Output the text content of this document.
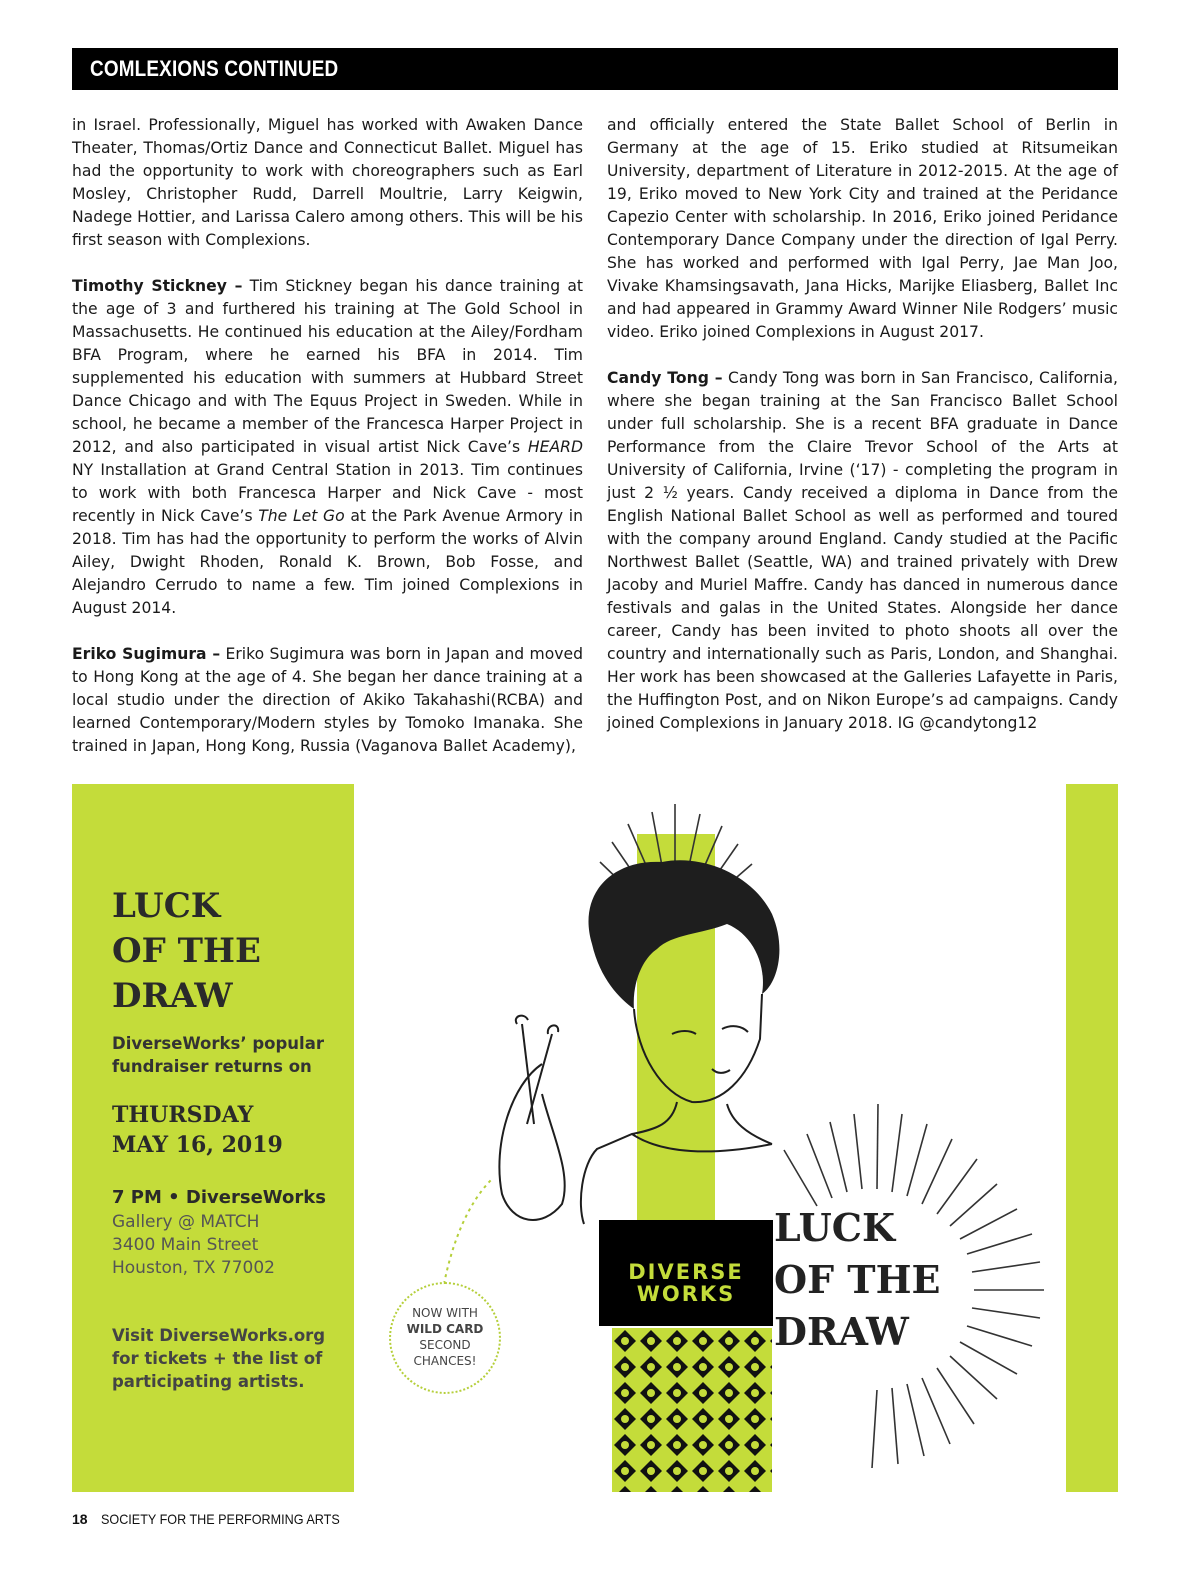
COMLEXIONS CONTINUED

in Israel. Professionally, Miguel has worked with Awaken Dance Theater, Thomas/Ortiz Dance and Connecticut Ballet. Miguel has had the opportunity to work with choreographers such as Earl Mosley, Christopher Rudd, Darrell Moultrie, Larry Keigwin, Nadege Hottier, and Larissa Calero among others. This will be his first season with Complexions.

Timothy Stickney – Tim Stickney began his dance training at the age of 3 and furthered his training at The Gold School in Massachusetts. He continued his education at the Ailey/Fordham BFA Program, where he earned his BFA in 2014. Tim supplemented his education with summers at Hubbard Street Dance Chicago and with The Equus Project in Sweden. While in school, he became a member of the Francesca Harper Project in 2012, and also participated in visual artist Nick Cave’s HEARD NY Installation at Grand Central Station in 2013. Tim continues to work with both Francesca Harper and Nick Cave - most recently in Nick Cave’s The Let Go at the Park Avenue Armory in 2018. Tim has had the opportunity to perform the works of Alvin Ailey, Dwight Rhoden, Ronald K. Brown, Bob Fosse, and Alejandro Cerrudo to name a few. Tim joined Complexions in August 2014.

Eriko Sugimura – Eriko Sugimura was born in Japan and moved to Hong Kong at the age of 4. She began her dance training at a local studio under the direction of Akiko Takahashi(RCBA) and learned Contemporary/Modern styles by Tomoko Imanaka. She trained in Japan, Hong Kong, Russia (Vaganova Ballet Academy),

and officially entered the State Ballet School of Berlin in Germany at the age of 15. Eriko studied at Ritsumeikan University, department of Literature in 2012-2015. At the age of 19, Eriko moved to New York City and trained at the Peridance Capezio Center with scholarship. In 2016, Eriko joined Peridance Contemporary Dance Company under the direction of Igal Perry. She has worked and performed with Igal Perry, Jae Man Joo, Vivake Khamsingsavath, Jana Hicks, Marijke Eliasberg, Ballet Inc and had appeared in Grammy Award Winner Nile Rodgers’ music video. Eriko joined Complexions in August 2017.

Candy Tong – Candy Tong was born in San Francisco, California, where she began training at the San Francisco Ballet School under full scholarship. She is a recent BFA graduate in Dance Performance from the Claire Trevor School of the Arts at University of California, Irvine (‘17) - completing the program in just 2 ½ years. Candy received a diploma in Dance from the English National Ballet School as well as performed and toured with the company around England. Candy studied at the Pacific Northwest Ballet (Seattle, WA) and trained privately with Drew Jacoby and Muriel Maffre. Candy has danced in numerous dance festivals and galas in the United States. Alongside her dance career, Candy has been invited to photo shoots all over the country and internationally such as Paris, London, and Shanghai. Her work has been showcased at the Galleries Lafayette in Paris, the Huffington Post, and on Nikon Europe’s ad campaigns. Candy joined Complexions in January 2018. IG @candytong12

LUCK
OF THE
DRAW
DiverseWorks’ popular
fundraiser returns on
THURSDAY
MAY 16, 2019
7 PM • DiverseWorks
Gallery @ MATCH
3400 Main Street
Houston, TX 77002
Visit DiverseWorks.org
for tickets + the list of
participating artists.
NOW WITH
WILD CARD
SECOND
CHANCES!
DIVERSE
WORKS
LUCK
OF THE
DRAW
18 SOCIETY FOR THE PERFORMING ARTS
